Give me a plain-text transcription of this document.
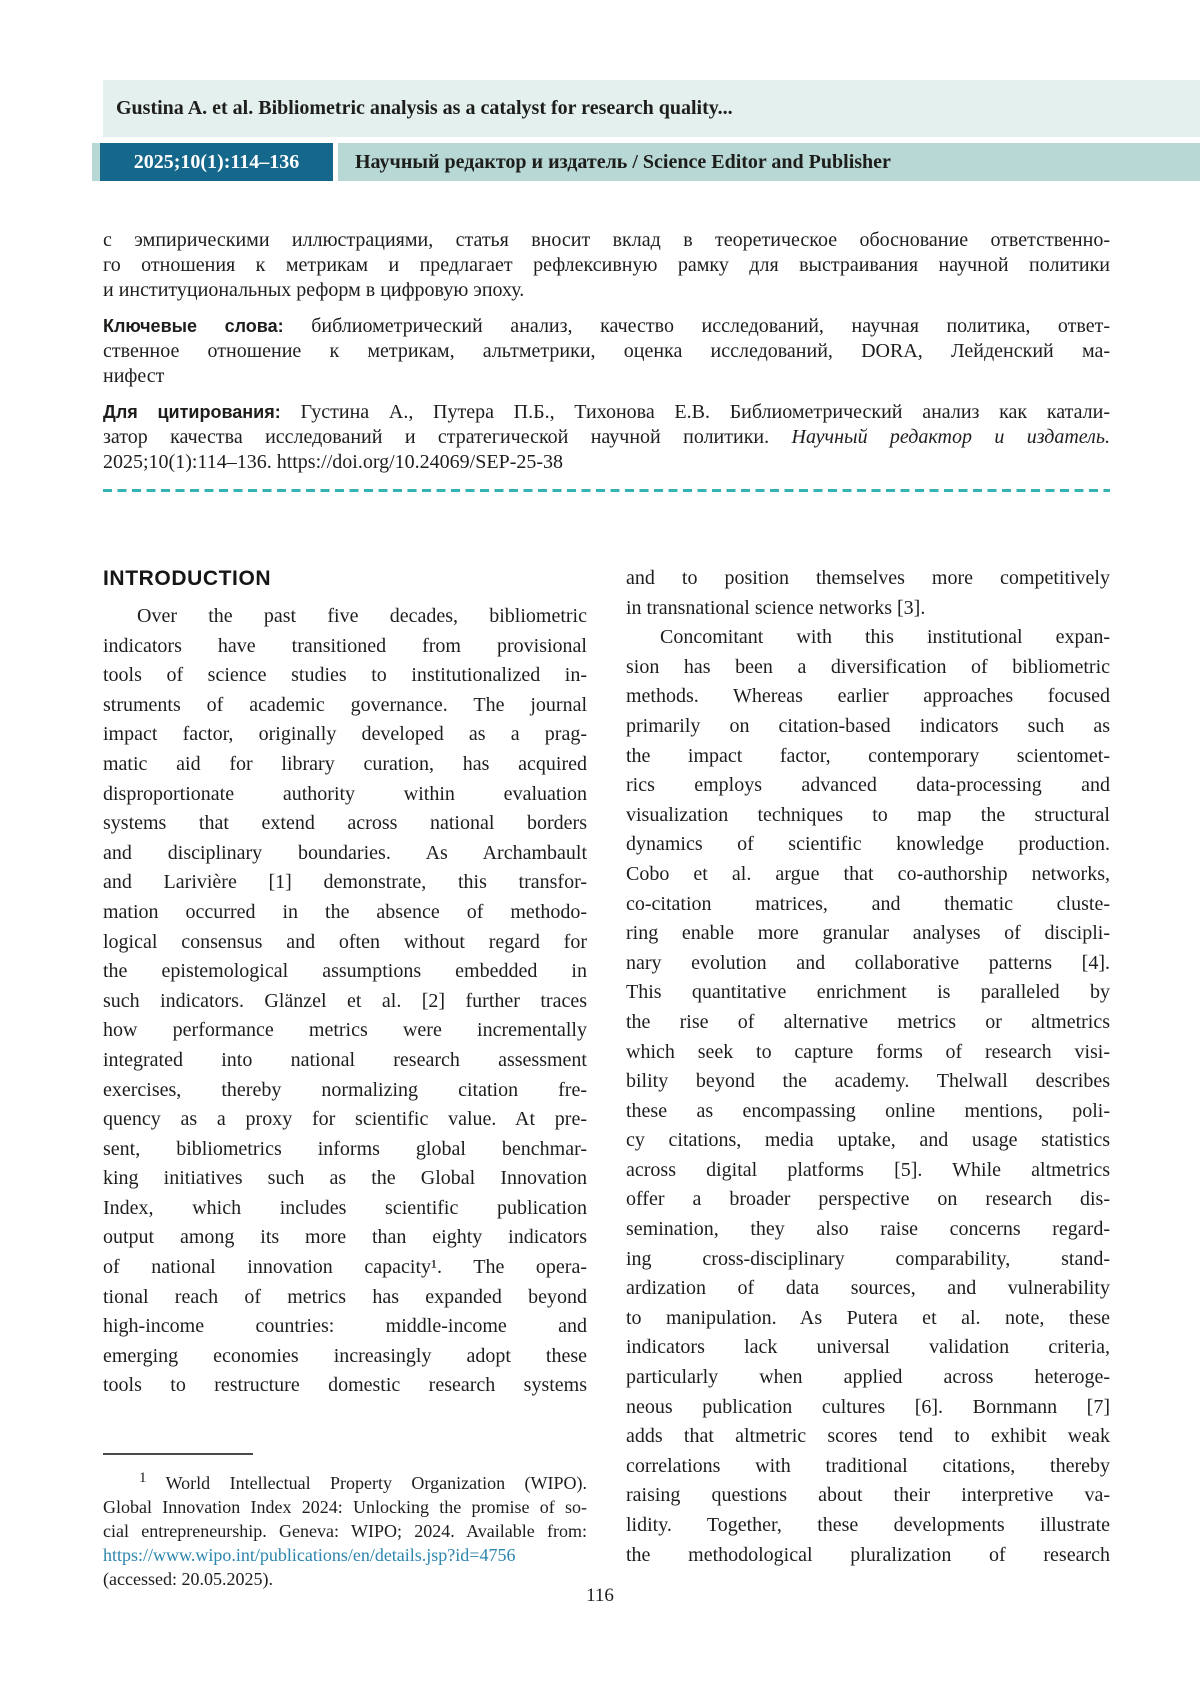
Gustina A. et al. Bibliometric analysis as a catalyst for research quality...
2025;10(1):114–136	Научный редактор и издатель / Science Editor and Publisher
с эмпирическими иллюстрациями, статья вносит вклад в теоретическое обоснование ответственно-
го отношения к метрикам и предлагает рефлексивную рамку для выстраивания научной политики
и институциональных реформ в цифровую эпоху.

Ключевые слова: библиометрический анализ, качество исследований, научная политика, ответ-

ственное отношение к метрикам, альтметрики, оценка исследований, DORA, Лейденский ма-

нифест

Для цитирования: Густина А., Путера П.Б., Тихонова Е.В. Библиометрический анализ как катали-

затор качества исследований и стратегической научной политики. Научный редактор и издатель.

2025;10(1):114–136. https://doi.org/10.24069/SEP-25-38

INTRODUCTION
Over the past five decades, bibliometric
indicators have transitioned from provisional
tools of science studies to institutionalized in-
struments of academic governance. The journal
impact factor, originally developed as a prag-
matic aid for library curation, has acquired
disproportionate authority within evaluation
systems that extend across national borders
and disciplinary boundaries. As Archambault
and Larivière [1] demonstrate, this transfor-
mation occurred in the absence of methodo-
logical consensus and often without regard for
the epistemological assumptions embedded in
such indicators. Glänzel et al. [2] further traces
how performance metrics were incrementally
integrated into national research assessment
exercises, thereby normalizing citation fre-
quency as a proxy for scientific value. At pre-
sent, bibliometrics informs global benchmar-
king initiatives such as the Global Innovation
Index, which includes scientific publication
output among its more than eighty indicators
of national innovation capacity¹. The opera-
tional reach of metrics has expanded beyond
high-income countries: middle-income and
emerging economies increasingly adopt these
tools to restructure domestic research systems

$^1$ World Intellectual Property Organization (WIPO).

Global Innovation Index 2024: Unlocking the promise of so-

cial entrepreneurship. Geneva: WIPO; 2024. Available from:

https://www.wipo.int/publications/en/details.jsp?id=4756

(accessed: 20.05.2025).

and to position themselves more competitively
in transnational science networks [3].
Concomitant with this institutional expan-
sion has been a diversification of bibliometric
methods. Whereas earlier approaches focused
primarily on citation-based indicators such as
the impact factor, contemporary scientomet-
rics employs advanced data-processing and
visualization techniques to map the structural
dynamics of scientific knowledge production.
Cobo et al. argue that co-authorship networks,
co-citation matrices, and thematic cluste-
ring enable more granular analyses of discipli-
nary evolution and collaborative patterns [4].
This quantitative enrichment is paralleled by
the rise of alternative metrics or altmetrics
which seek to capture forms of research visi-
bility beyond the academy. Thelwall describes
these as encompassing online mentions, poli-
cy citations, media uptake, and usage statistics
across digital platforms [5]. While altmetrics
offer a broader perspective on research dis-
semination, they also raise concerns regard-
ing cross-disciplinary comparability, stand-
ardization of data sources, and vulnerability
to manipulation. As Putera et al. note, these
indicators lack universal validation criteria,
particularly when applied across heteroge-
neous publication cultures [6]. Bornmann [7]
adds that altmetric scores tend to exhibit weak
correlations with traditional citations, thereby
raising questions about their interpretive va-
lidity. Together, these developments illustrate
the methodological pluralization of research
116
